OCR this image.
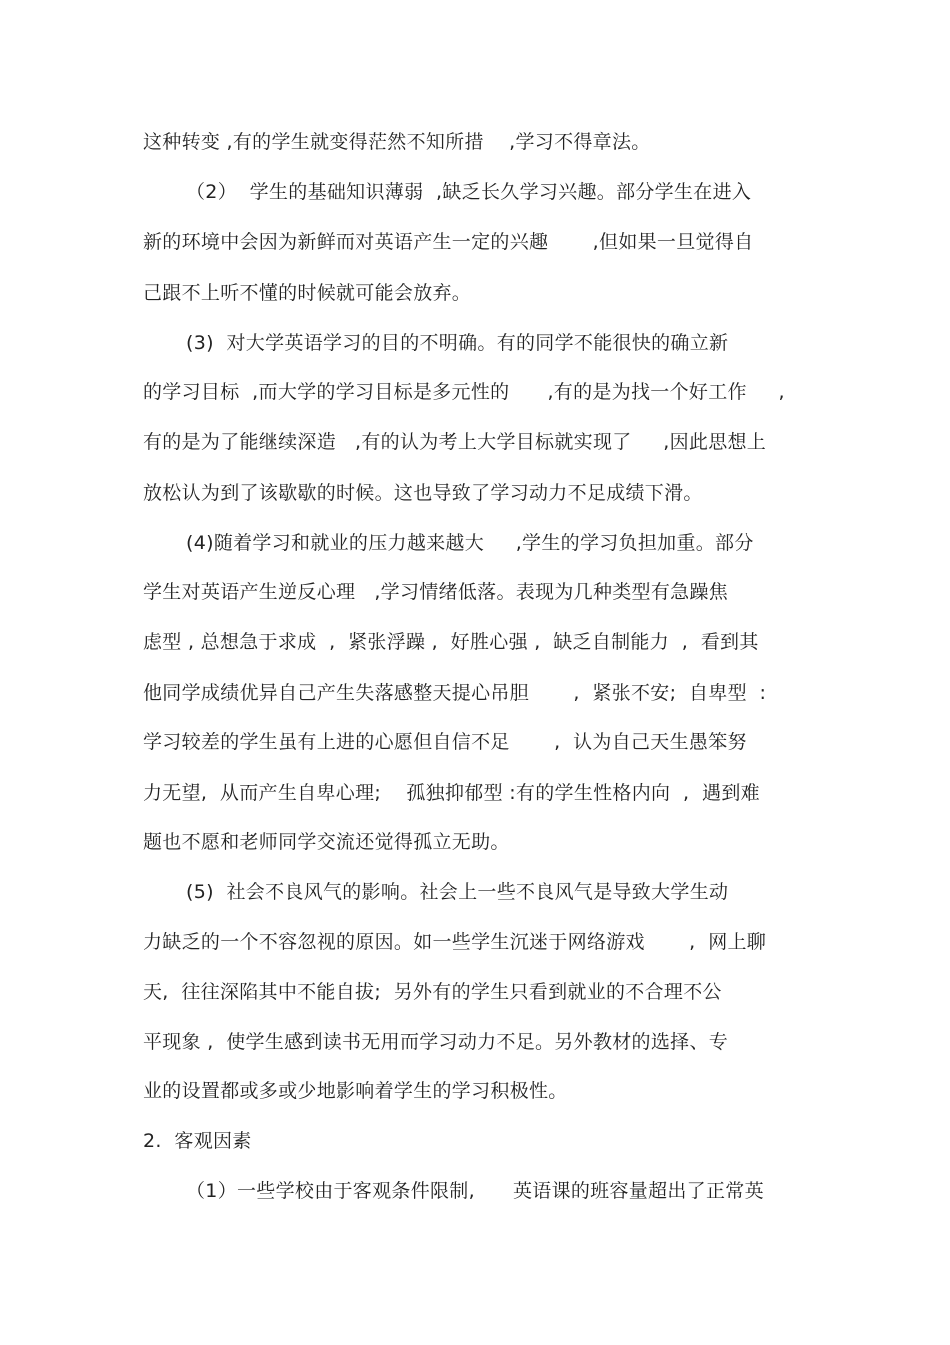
这种转变 ,有的学生就变得茫然不知所措    ,学习不得章法。
（2）  学生的基础知识薄弱  ,缺乏长久学习兴趣。部分学生在进入
新的环境中会因为新鲜而对英语产生一定的兴趣       ,但如果一旦觉得自
己跟不上听不懂的时候就可能会放弃。
(3)  对大学英语学习的目的不明确。有的同学不能很快的确立新
的学习目标  ,而大学的学习目标是多元性的      ,有的是为找一个好工作     ,
有的是为了能继续深造   ,有的认为考上大学目标就实现了     ,因此思想上
放松认为到了该歇歇的时候。这也导致了学习动力不足成绩下滑。
(4)随着学习和就业的压力越来越大     ,学生的学习负担加重。部分
学生对英语产生逆反心理   ,学习情绪低落。表现为几种类型有急躁焦
虑型 , 总想急于求成  ,  紧张浮躁 ,  好胜心强 ,  缺乏自制能力  ,  看到其
他同学成绩优异自己产生失落感整天提心吊胆       ,  紧张不安;  自卑型  :
学习较差的学生虽有上进的心愿但自信不足       ,  认为自己天生愚笨努
力无望,  从而产生自卑心理;    孤独抑郁型 :有的学生性格内向  ,  遇到难
题也不愿和老师同学交流还觉得孤立无助。
(5)  社会不良风气的影响。社会上一些不良风气是导致大学生动
力缺乏的一个不容忽视的原因。如一些学生沉迷于网络游戏       ,  网上聊
天,  往往深陷其中不能自拔;  另外有的学生只看到就业的不合理不公
平现象 ,  使学生感到读书无用而学习动力不足。另外教材的选择、专
业的设置都或多或少地影响着学生的学习积极性。
2.  客观因素
（1）一些学校由于客观条件限制,      英语课的班容量超出了正常英
